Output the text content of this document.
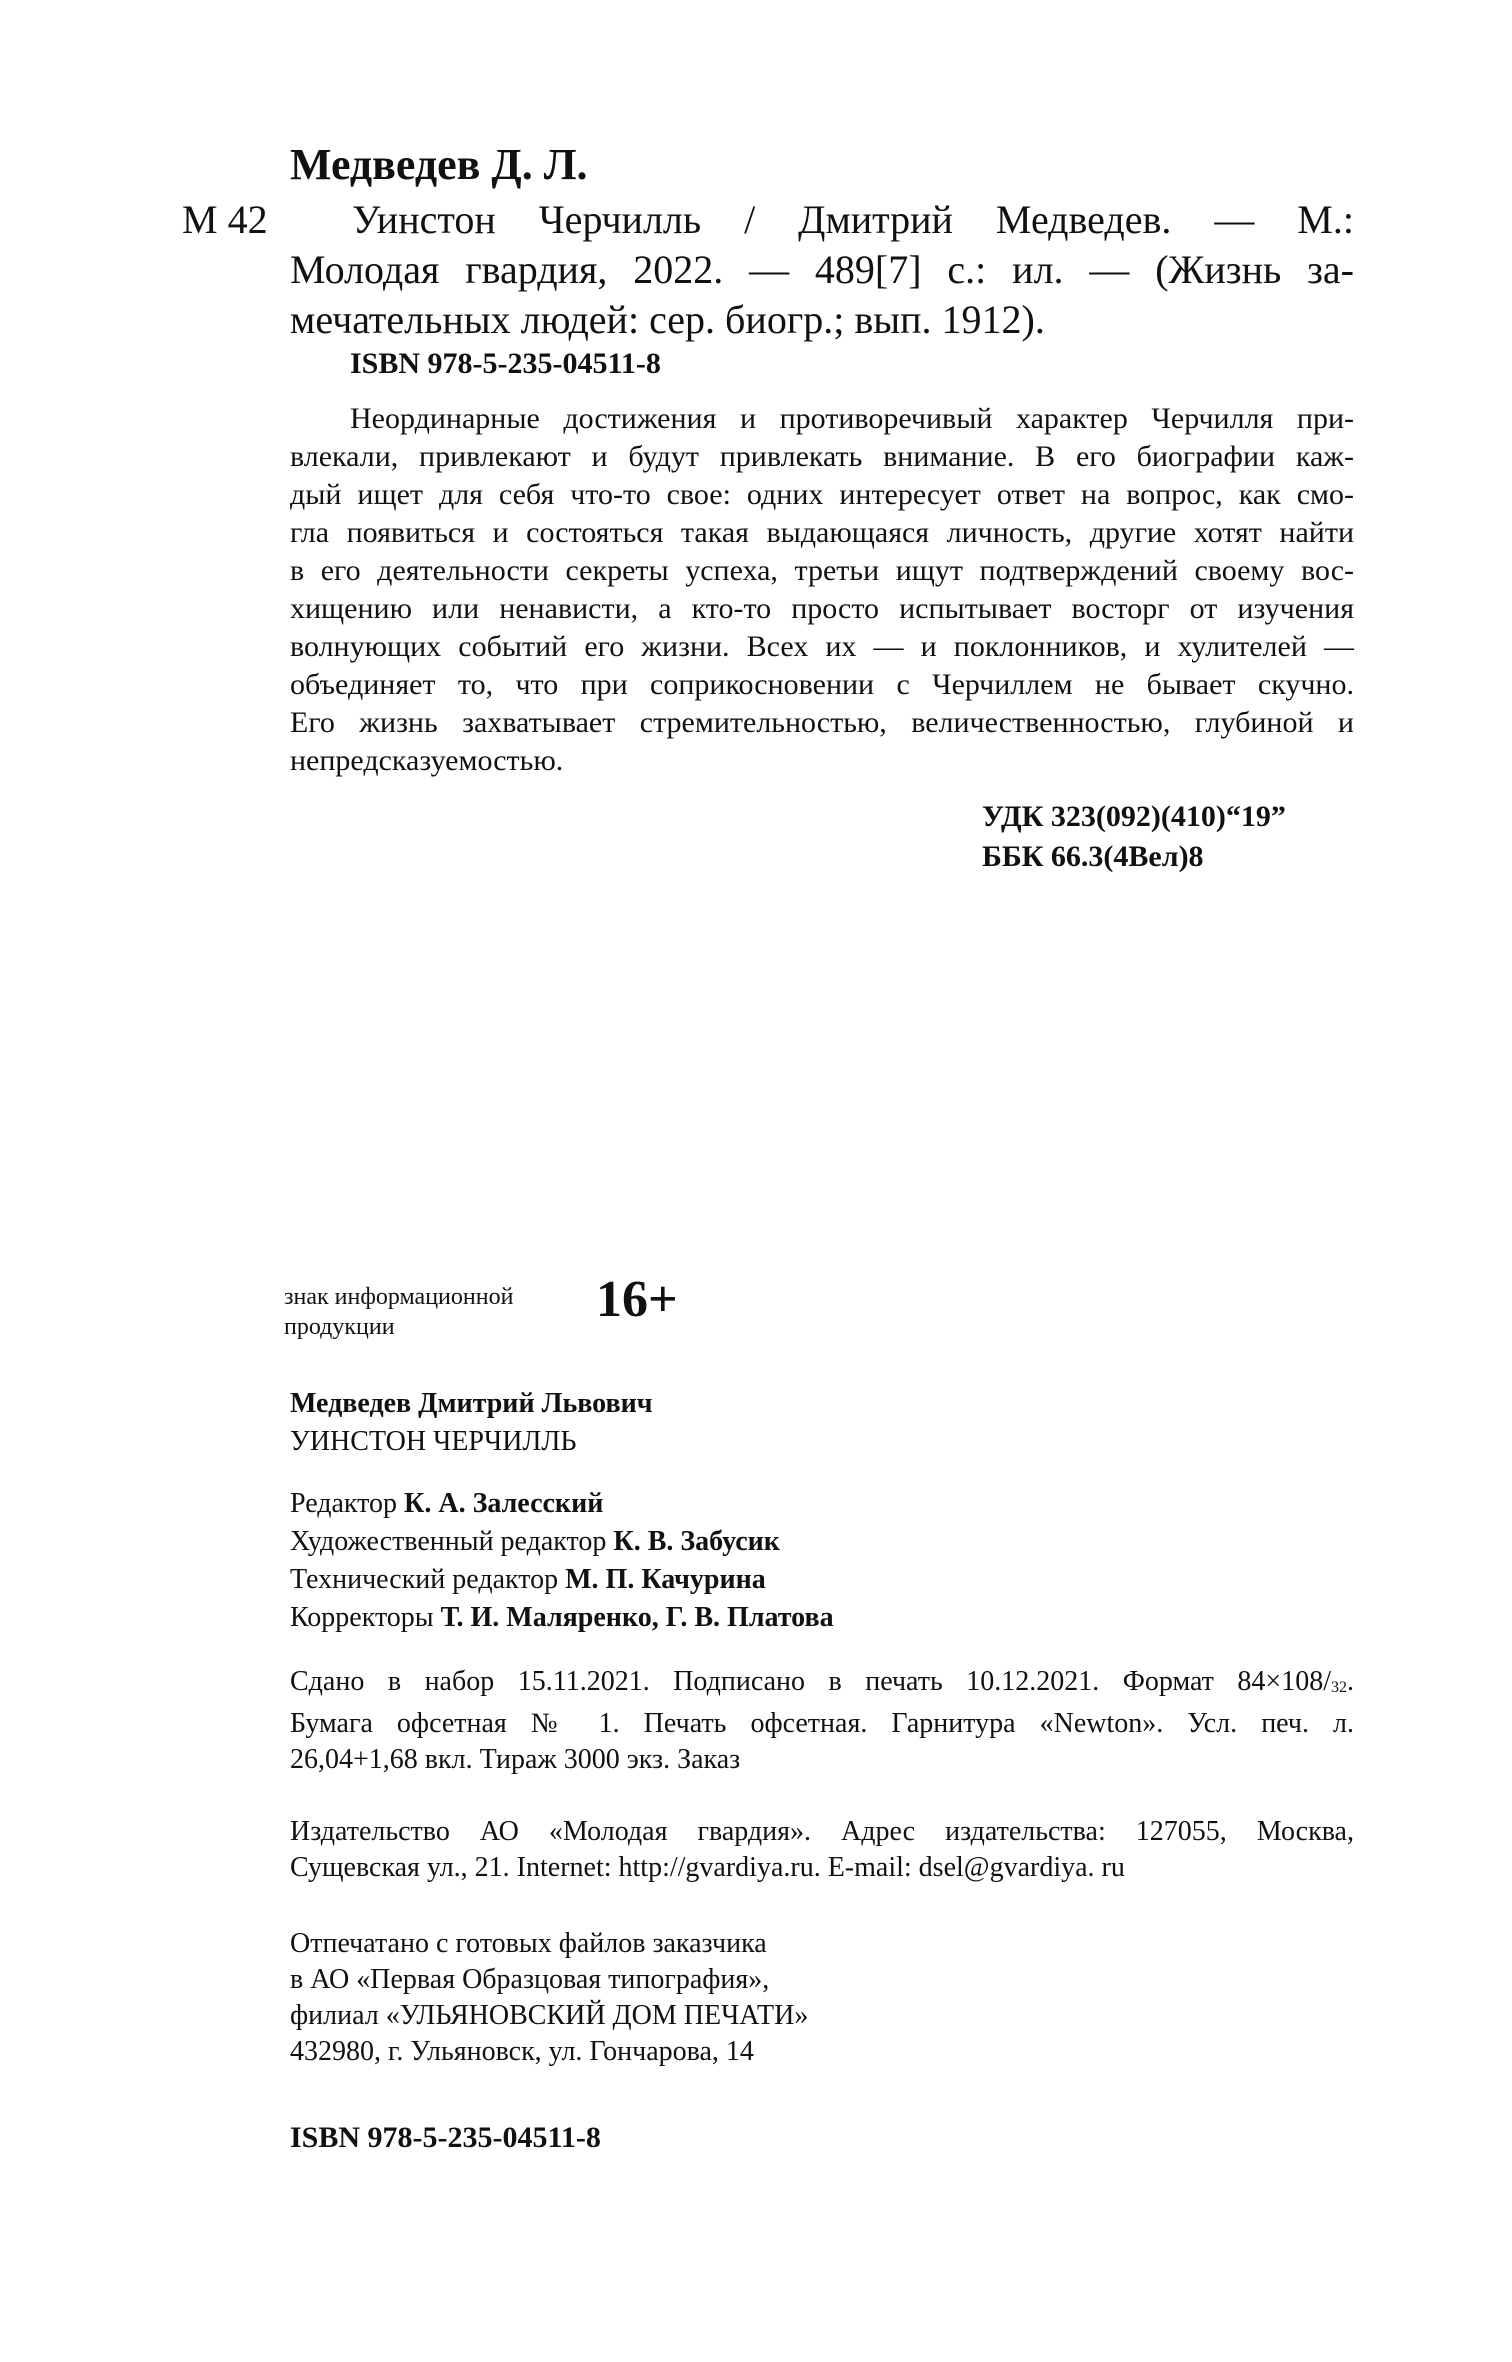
Медведев Д. Л.
М 42 Уинстон Черчилль / Дмитрий Медведев. — М.:
Молодая гвардия, 2022. — 489[7] с.: ил. — (Жизнь за-
мечательных людей: сер. биогр.; вып. 1912).
ISBN 978-5-235-04511-8
Неординарные достижения и противоречивый характер Черчилля при-
влекали, привлекают и будут привлекать внимание. В его биографии каж-
дый ищет для себя что-то свое: одних интересует ответ на вопрос, как смо-
гла появиться и состояться такая выдающаяся личность, другие хотят найти
в его деятельности секреты успеха, третьи ищут подтверждений своему вос-
хищению или ненависти, а кто-то просто испытывает восторг от изучения
волнующих событий его жизни. Всех их — и поклонников, и хулителей —
объединяет то, что при соприкосновении с Черчиллем не бывает скучно.
Его жизнь захватывает стремительностью, величественностью, глубиной и
непредсказуемостью.
УДК 323(092)(410)“19”
ББК 66.3(4Вел)8
знак информационной
продукции	16+
Медведев Дмитрий Львович
УИНСТОН ЧЕРЧИЛЛЬ
Редактор К. А. Залесский
Художественный редактор К. В. Забусик
Технический редактор М. П. Качурина
Корректоры Т. И. Маляренко, Г. В. Платова
Сдано в набор 15.11.2021. Подписано в печать 10.12.2021. Формат 84×108/32.
Бумага офсетная № 1. Печать офсетная. Гарнитура «Newton». Усл. печ. л.
26,04+1,68 вкл. Тираж 3000 экз. Заказ
Издательство АО «Молодая гвардия». Адрес издательства: 127055, Москва,
Сущевская ул., 21. Internet: http://gvardiya.ru. E-mail: dsel@gvardiya. ru
Отпечатано с готовых файлов заказчика
в АО «Первая Образцовая типография»,
филиал «УЛЬЯНОВСКИЙ ДОМ ПЕЧАТИ»
432980, г. Ульяновск, ул. Гончарова, 14
ISBN 978-5-235-04511-8
